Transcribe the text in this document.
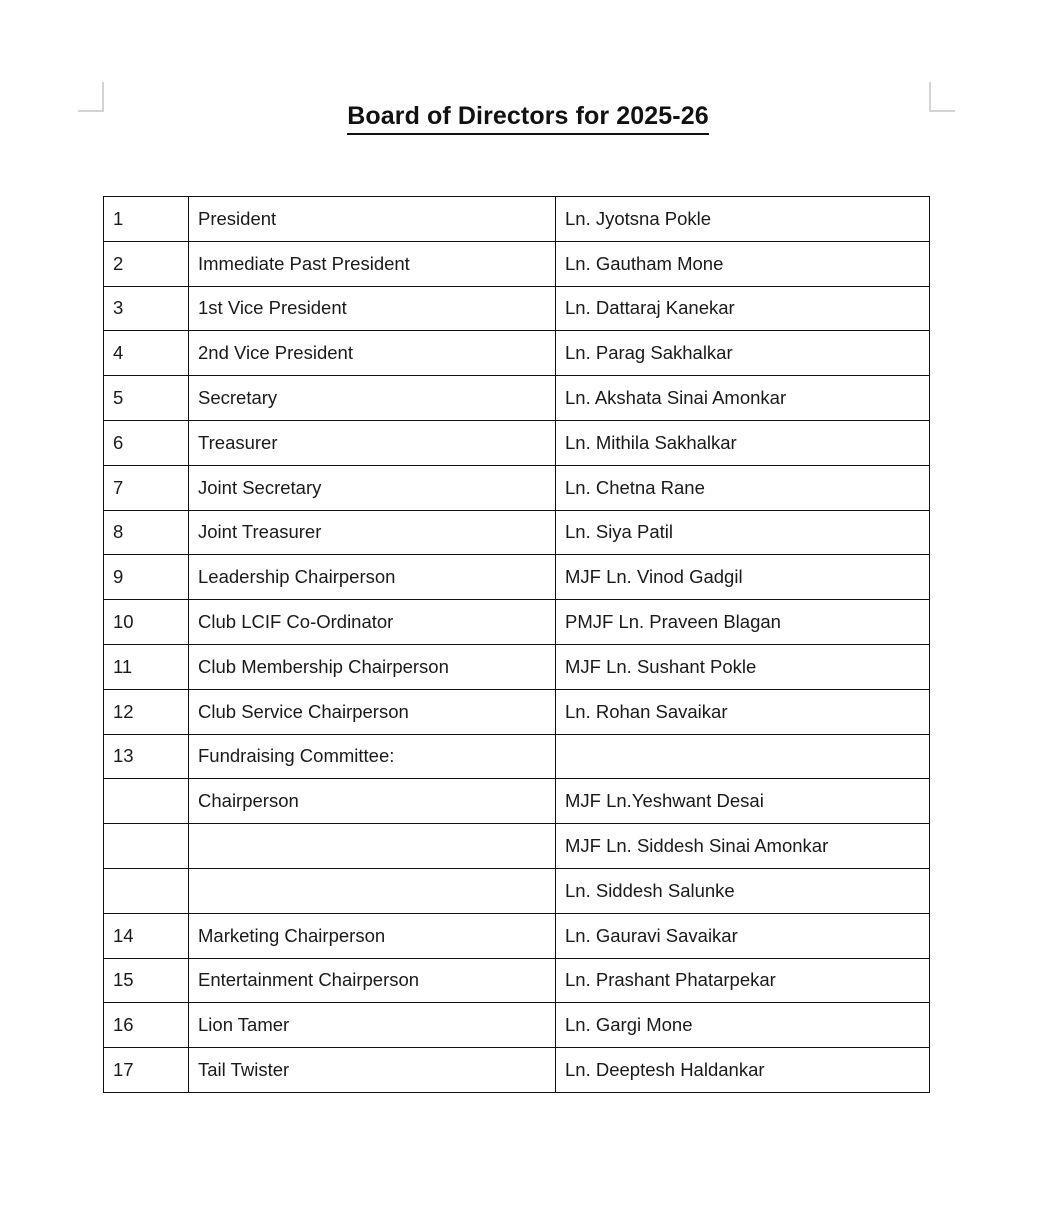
Board of Directors for 2025-26
1	President	Ln. Jyotsna Pokle
2	Immediate Past President	Ln. Gautham Mone
3	1st Vice President	Ln. Dattaraj Kanekar
4	2nd Vice President	Ln. Parag Sakhalkar
5	Secretary	Ln. Akshata Sinai Amonkar
6	Treasurer	Ln. Mithila Sakhalkar
7	Joint Secretary	Ln. Chetna Rane
8	Joint Treasurer	Ln. Siya Patil
9	Leadership Chairperson	MJF Ln. Vinod Gadgil
10	Club LCIF Co-Ordinator	PMJF Ln. Praveen Blagan
11	Club Membership Chairperson	MJF Ln. Sushant Pokle
12	Club Service Chairperson	Ln. Rohan Savaikar
13	Fundraising Committee:	
	Chairperson	MJF Ln.Yeshwant Desai
		MJF Ln. Siddesh Sinai Amonkar
		Ln. Siddesh Salunke
14	Marketing Chairperson	Ln. Gauravi Savaikar
15	Entertainment Chairperson	Ln. Prashant Phatarpekar
16	Lion Tamer	Ln. Gargi Mone
17	Tail Twister	Ln. Deeptesh Haldankar
